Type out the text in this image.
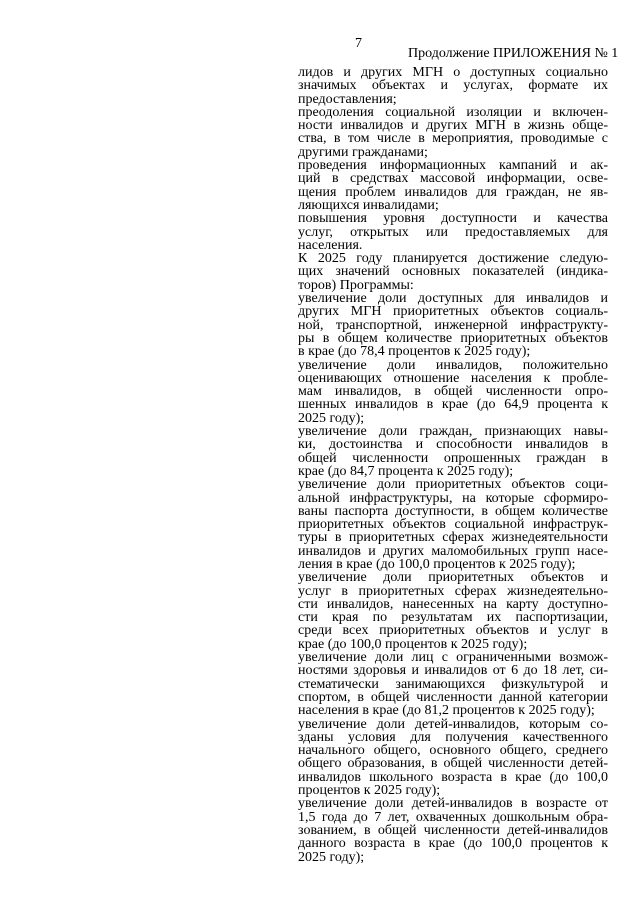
7
Продолжение ПРИЛОЖЕНИЯ № 1
лидов и других МГН о доступных социально
значимых объектах и услугах, формате их
предоставления;
преодоления социальной изоляции и включен-
ности инвалидов и других МГН в жизнь обще-
ства, в том числе в мероприятия, проводимые с
другими гражданами;
проведения информационных кампаний и ак-
ций в средствах массовой информации, осве-
щения проблем инвалидов для граждан, не яв-
ляющихся инвалидами;
повышения уровня доступности и качества
услуг, открытых или предоставляемых для
населения.
К 2025 году планируется достижение следую-
щих значений основных показателей (индика-
торов) Программы:
увеличение доли доступных для инвалидов и
других МГН приоритетных объектов социаль-
ной, транспортной, инженерной инфраструкту-
ры в общем количестве приоритетных объектов
в крае (до 78,4 процентов к 2025 году);
увеличение доли инвалидов, положительно
оценивающих отношение населения к пробле-
мам инвалидов, в общей численности опро-
шенных инвалидов в крае (до 64,9 процента к
2025 году);
увеличение доли граждан, признающих навы-
ки, достоинства и способности инвалидов в
общей численности опрошенных граждан в
крае (до 84,7 процента к 2025 году);
увеличение доли приоритетных объектов соци-
альной инфраструктуры, на которые сформиро-
ваны паспорта доступности, в общем количестве
приоритетных объектов социальной инфраструк-
туры в приоритетных сферах жизнедеятельности
инвалидов и других маломобильных групп насе-
ления в крае (до 100,0 процентов к 2025 году);
увеличение доли приоритетных объектов и
услуг в приоритетных сферах жизнедеятельно-
сти инвалидов, нанесенных на карту доступно-
сти края по результатам их паспортизации,
среди всех приоритетных объектов и услуг в
крае (до 100,0 процентов к 2025 году);
увеличение доли лиц с ограниченными возмож-
ностями здоровья и инвалидов от 6 до 18 лет, си-
стематически занимающихся физкультурой и
спортом, в общей численности данной категории
населения в крае (до 81,2 процентов к 2025 году);
увеличение доли детей-инвалидов, которым со-
зданы условия для получения качественного
начального общего, основного общего, среднего
общего образования, в общей численности детей-
инвалидов школьного возраста в крае (до 100,0
процентов к 2025 году);
увеличение доли детей-инвалидов в возрасте от
1,5 года до 7 лет, охваченных дошкольным обра-
зованием, в общей численности детей-инвалидов
данного возраста в крае (до 100,0 процентов к
2025 году);
